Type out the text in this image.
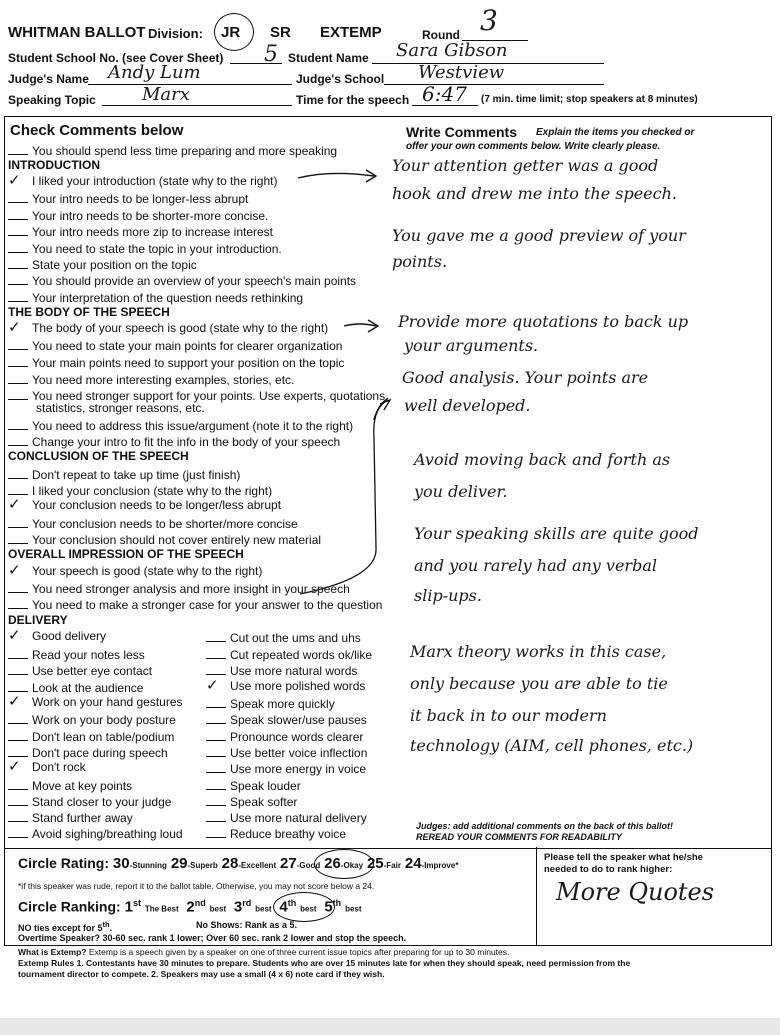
WHITMAN BALLOT Division: JR SR EXTEMP	Round 3
Student School No. (see Cover Sheet) 5 Student Name Sara Gibson
Judge's Name Andy Lum	Judge's School Westview
Speaking Topic	Marx	Time for the speech 6:47 (7 min. time limit; stop speakers at 8 minutes)
Check Comments below
You should spend less time preparing and more speaking
INTRODUCTION
✓ I liked your introduction (state why to the right)
Your intro needs to be longer-less abrupt
Your intro needs to be shorter-more concise.
Your intro needs more zip to increase interest
You need to state the topic in your introduction.
State your position on the topic
You should provide an overview of your speech's main points
Your interpretation of the question needs rethinking
THE BODY OF THE SPEECH
✓ The body of your speech is good (state why to the right)
You need to state your main points for clearer organization
Your main points need to support your position on the topic
You need more interesting examples, stories, etc.
You need stronger support for your points. Use experts, quotations,
statistics, stronger reasons, etc.
You need to address this issue/argument (note it to the right)
Change your intro to fit the info in the body of your speech
CONCLUSION OF THE SPEECH
Don't repeat to take up time (just finish)
I liked your conclusion (state why to the right)
✓ Your conclusion needs to be longer/less abrupt
Your conclusion needs to be shorter/more concise
Your conclusion should not cover entirely new material
OVERALL IMPRESSION OF THE SPEECH
✓ Your speech is good (state why to the right)
You need stronger analysis and more insight in your speech
You need to make a stronger case for your answer to the question
DELIVERY
✓ Good delivery
Read your notes less
Use better eye contact
Look at the audience
✓ Work on your hand gestures
Work on your body posture
Don't lean on table/podium
Don't pace during speech
✓ Don't rock
Move at key points
Stand closer to your judge
Stand further away
Avoid sighing/breathing loud
Cut out the ums and uhs
Cut repeated words ok/like
Use more natural words
✓ Use more polished words
Speak more quickly
Speak slower/use pauses
Pronounce words clearer
Use better voice inflection
Use more energy in voice
Speak louder
Speak softer
Use more natural delivery
Reduce breathy voice
Write Comments Explain the items you checked or
offer your own comments below. Write clearly please.
Your attention getter was a good
hook and drew me into the speech.
You gave me a good preview of your
points.
Provide more quotations to back up
your arguments.
Good analysis. Your points are
well developed.
Avoid moving back and forth as
you deliver.
Your speaking skills are quite good
and you rarely had any verbal
slip-ups.
Marx theory works in this case,
only because you are able to tie
it back in to our modern
technology (AIM, cell phones, etc.)
Judges: add additional comments on the back of this ballot!
REREAD YOUR COMMENTS FOR READABILITY
Circle Rating: 30-Stunning 29-Superb 28-Excellent 27-Good 26-Okay 25-Fair 24-Improve*
*if this speaker was rude, report it to the ballot table. Otherwise, you may not score below a 24.
Circle Ranking: 1st The Best 2nd best 3rd best 4th best 5th best
NO ties except for 5th.	No Shows: Rank as a 5.
Overtime Speaker? 30-60 sec. rank 1 lower; Over 60 sec. rank 2 lower and stop the speech.
Please tell the speaker what he/she
needed to do to rank higher:
More Quotes
What is Extemp? Extemp is a speech given by a speaker on one of three current issue topics after preparing for up to 30 minutes.
Extemp Rules 1. Contestants have 30 minutes to prepare. Students who are over 15 minutes late for when they should speak, need permission from the
tournament director to compete. 2. Speakers may use a small (4 x 6) note card if they wish.
